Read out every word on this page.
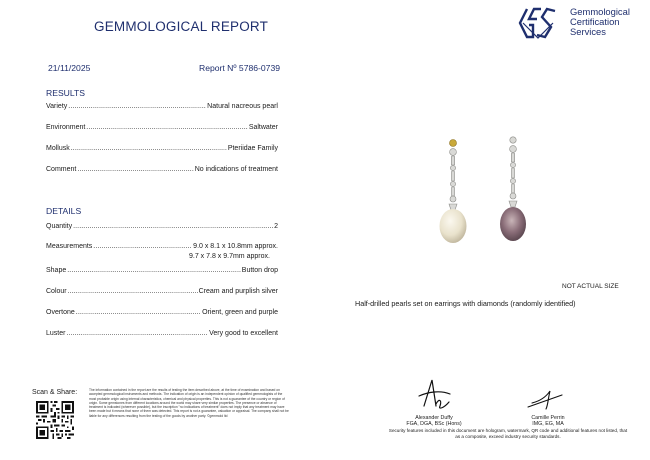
GEMMOLOGICAL REPORT
Gemmological
Certification
Services
21/11/2025	Report Nº 5786-0739
RESULTS
Variety .....	Natural nacreous pearl
Environment .....	Saltwater
Mollusk .....	Pteriidae Family
Comment .....	No indications of treatment
DETAILS
Quantity .....	2
Measurements .....	9.0 x 8.1 x 10.8mm approx.
9.7 x 7.8 x 9.7mm approx.
Shape .....	Button drop
Colour .....	Cream and purplish silver
Overtone .....	Orient, green and purple
Luster .....	Very good to excellent
NOT ACTUAL SIZE
Half-drilled pearls set on earrings with diamonds (randomly identified)
Scan & Share:	The information contained in the report are the results of testing the item described above, at the time of examination and based on accepted gemmological instruments and methods. The indication of origin is an independent opinion of qualified gemmologists of the most probable origin using internal characteristics, chemical and physical properties. This is not a guarantee of the country or region of origin. Some gemstones from different locations around the world may share very similar properties. The presence or absence of treatment is indicated (wherever possible), but the inscription "no indications of treatment" does not imply that any treatment may have been made but it means that none of them was detected. This report is not a guarantee, valuation or appraisal. The company shall not be liable for any differences resulting from the testing of the goods by another party. ©gemmold ltd	Alexander Duffy
FGA, DGA, BSc (Hons)
Camille Perrin
IMG, EG, MA
Security features included in this document are hologram, watermark, QR code and additional features not listed, that as a composite, exceed industry security standards.
